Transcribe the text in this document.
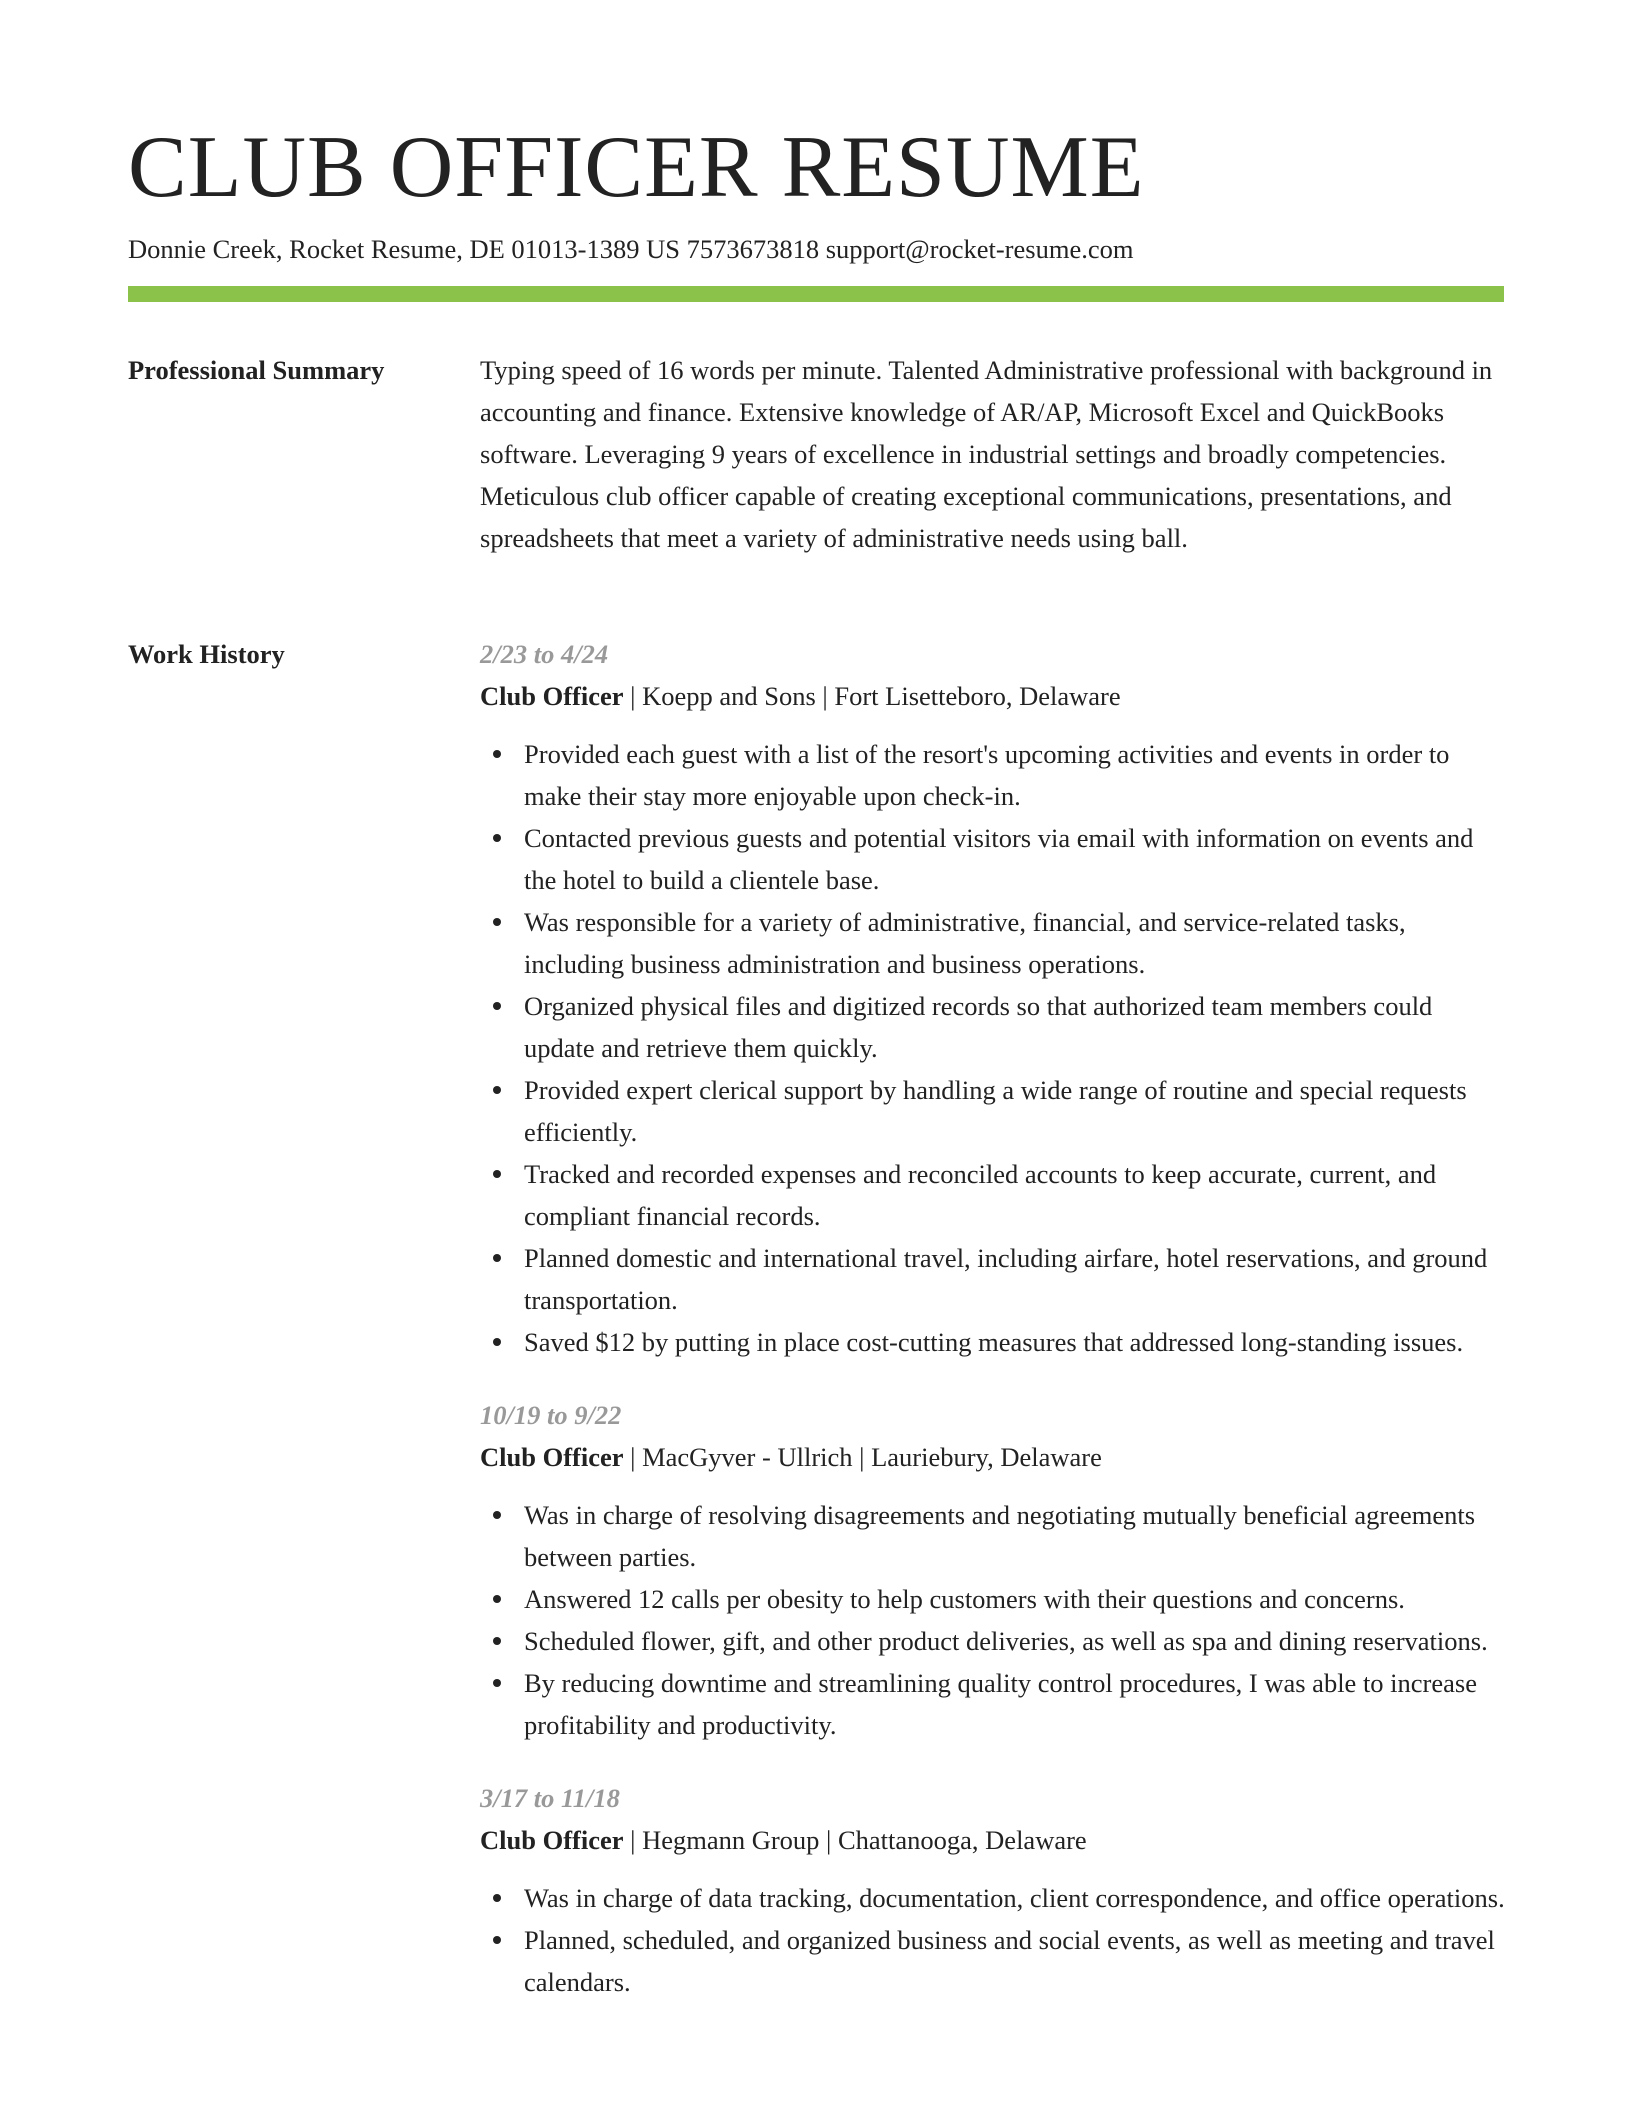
CLUB OFFICER RESUME
Donnie Creek, Rocket Resume, DE 01013-1389 US 7573673818 support@rocket-resume.com
Professional Summary	Typing speed of 16 words per minute. Talented Administrative professional with background in accounting and finance. Extensive knowledge of AR/AP, Microsoft Excel and QuickBooks software. Leveraging 9 years of excellence in industrial settings and broadly competencies. Meticulous club officer capable of creating exceptional communications, presentations, and spreadsheets that meet a variety of administrative needs using ball.

Work History	2/23 to 4/24
Club Officer | Koepp and Sons | Fort Lisetteboro, Delaware
Provided each guest with a list of the resort's upcoming activities and events in order to make their stay more enjoyable upon check-in.
Contacted previous guests and potential visitors via email with information on events and the hotel to build a clientele base.
Was responsible for a variety of administrative, financial, and service-related tasks, including business administration and business operations.
Organized physical files and digitized records so that authorized team members could update and retrieve them quickly.
Provided expert clerical support by handling a wide range of routine and special requests efficiently.
Tracked and recorded expenses and reconciled accounts to keep accurate, current, and compliant financial records.
Planned domestic and international travel, including airfare, hotel reservations, and ground transportation.
Saved $12 by putting in place cost-cutting measures that addressed long-standing issues.
10/19 to 9/22
Club Officer | MacGyver - Ullrich | Lauriebury, Delaware
Was in charge of resolving disagreements and negotiating mutually beneficial agreements between parties.
Answered 12 calls per obesity to help customers with their questions and concerns.
Scheduled flower, gift, and other product deliveries, as well as spa and dining reservations.
By reducing downtime and streamlining quality control procedures, I was able to increase profitability and productivity.
3/17 to 11/18
Club Officer | Hegmann Group | Chattanooga, Delaware
Was in charge of data tracking, documentation, client correspondence, and office operations.
Planned, scheduled, and organized business and social events, as well as meeting and travel calendars.
